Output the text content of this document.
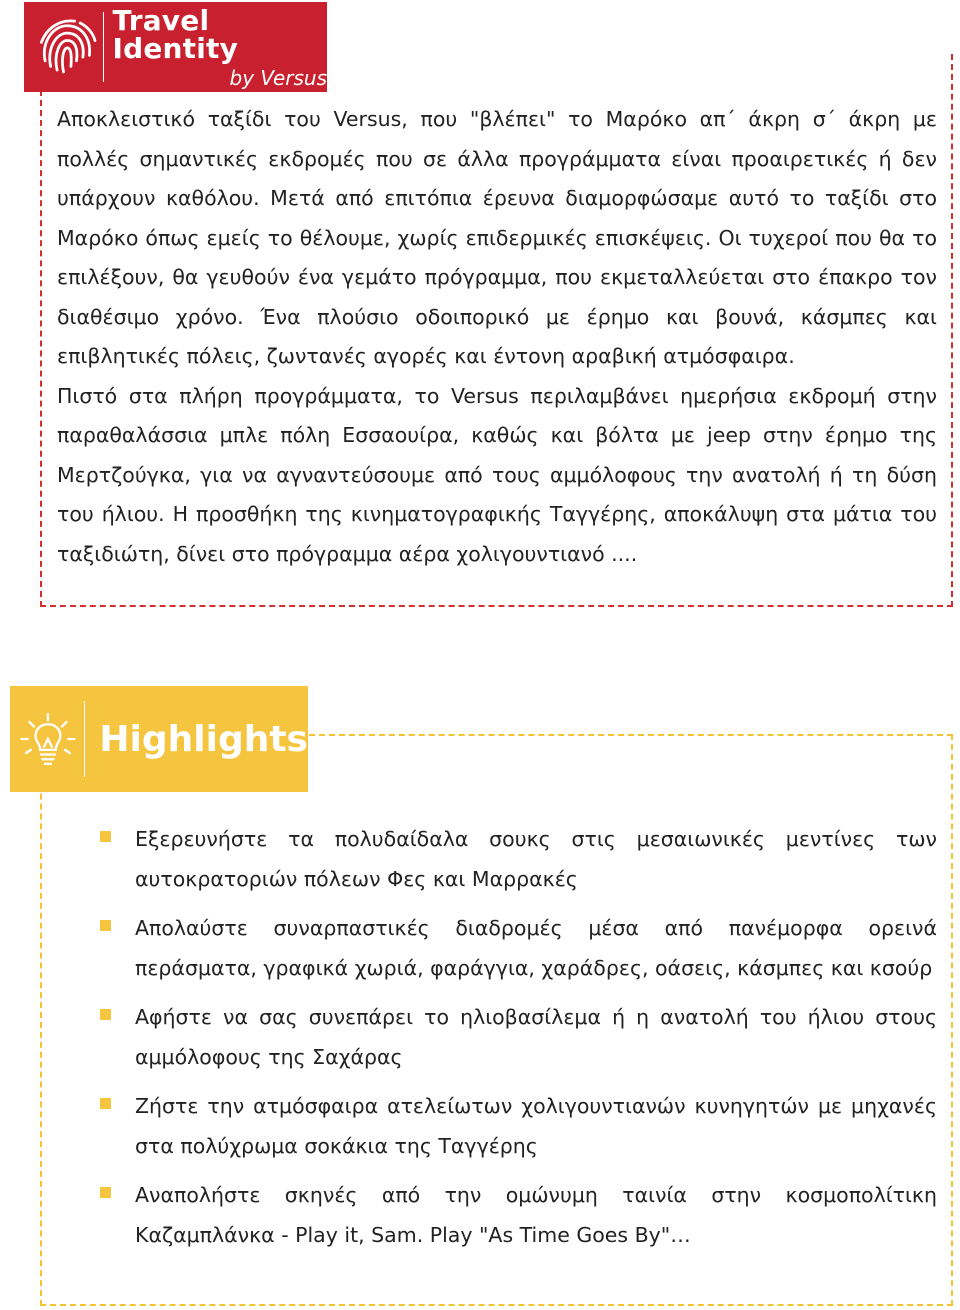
Travel Identity
by Versus

Αποκλειστικό ταξίδι του Versus, που "βλέπει" το Μαρόκο απ΄ άκρη σ΄ άκρη με πολλές σημαντικές εκδρομές που σε άλλα προγράμματα είναι προαιρετικές ή δεν υπάρχουν καθόλου. Μετά από επιτόπια έρευνα διαμορφώσαμε αυτό το ταξίδι στο Μαρόκο όπως εμείς το θέλουμε, χωρίς επιδερμικές επισκέψεις. Οι τυχεροί που θα το επιλέξουν, θα γευθούν ένα γεμάτο πρόγραμμα, που εκμεταλλεύεται στο έπακρο τον διαθέσιμο χρόνο. Ένα πλούσιο οδοιπορικό με έρημο και βουνά, κάσμπες και επιβλητικές πόλεις, ζωντανές αγορές και έντονη αραβική ατμόσφαιρα.

Πιστό στα πλήρη προγράμματα, το Versus περιλαμβάνει ημερήσια εκδρομή στην παραθαλάσσια μπλε πόλη Εσσαουίρα, καθώς και βόλτα με jeep στην έρημο της Μερτζούγκα, για να αγναντεύσουμε από τους αμμόλοφους την ανατολή ή τη δύση του ήλιου. Η προσθήκη της κινηματογραφικής Ταγγέρης, αποκάλυψη στα μάτια του ταξιδιώτη, δίνει στο πρόγραμμα αέρα χολιγουντιανό ....

Highlights
Εξερευνήστε τα πολυδαίδαλα σουκς στις μεσαιωνικές μεντίνες των αυτοκρατοριών πόλεων Φες και Μαρρακές
Απολαύστε συναρπαστικές διαδρομές μέσα από πανέμορφα ορεινά περάσματα, γραφικά χωριά, φαράγγια, χαράδρες, οάσεις, κάσμπες και κσούρ
Αφήστε να σας συνεπάρει το ηλιοβασίλεμα ή η ανατολή του ήλιου στους αμμόλοφους της Σαχάρας
Ζήστε την ατμόσφαιρα ατελείωτων χολιγουντιανών κυνηγητών με μηχανές στα πολύχρωμα σοκάκια της Ταγγέρης
Αναπολήστε σκηνές από την ομώνυμη ταινία στην κοσμοπολίτικη Καζαμπλάνκα - Play it, Sam. Play "As Time Goes By"…
